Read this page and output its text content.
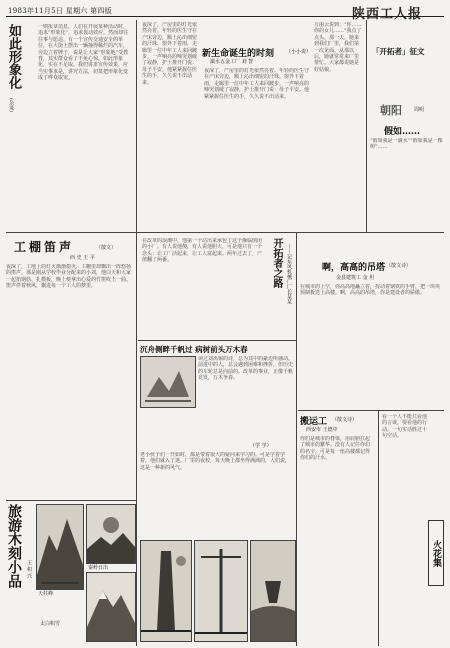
1983年11月5日 星期六 第四版	陕西工人报
如此形象化
(杂谈)
一则报章消息，人们在开展某种活动时，追求“形象化”，追求轰动效应，然而却往往事与愿违。有一个宣传交通安全的单位，在大街上摆出一辆撞得稀烂的汽车，旁边立着牌子，说是让大家“形象地”受教育，其实群众看了不免心惊。如此形象化，实在不足取。我们讲求宣传效果，应当实事求是，讲究方法，切莫把形象化变成了哗众取宠。
新生命诞生的时刻 （小小说）
灞水五金工厂 刘 智
夜深了，产房里的灯光依然亮着。年轻的医生守在产床旁边，额上沁出细密的汗珠。窗外下着雨，走廊里一位中年工人来回踱步。一声响亮的啼哭划破了寂静，护士推开门说：母子平安。他紧紧握住医生的手，久久说不出话来。
夜深了，产房里的灯光依然亮着。年轻的医生守在产床旁边，额上沁出细密的汗珠。窗外下着雨，走廊里一位中年工人来回踱步。一声响亮的啼哭划破了寂静，护士推开门说：母子平安。他紧紧握住医生的手，久久说不出话来。
万丽云说到：“你……你的女儿……”我点了点头。那一天，她来到我们厂里，我们第一次见面。从那以后，她就常常来厂里帮忙。大家都说她是好姑娘。
「开拓者」征文
朝阳 周明
假如……
“假如我是一滴水”“假如我是一棵树”……
工棚笛声	（散文）
西 史 王 平
夜深了，工地上的灯火渐渐熄灭，工棚里却飘出一阵悠扬的笛声。那是刚从学校毕业分配来的小刘，他白天和大家一起抬钢筋、扎模板，晚上便拿出心爱的竹笛吹上一曲。笛声伴着秋风，飘进每一个工人的梦里。
在改革的浪潮中，他第一个站出来承包了这个濒临倒闭的小厂。有人说他傻，有人说他胆大，可是他只有一个念头：让工厂活起来，让工人富起来。两年过去了，产值翻了两番。	开拓者之路 ——记东风机械厂厂长某某	啊，高高的吊塔 （散文诗）
金县建筑工 金 坦
在城市的上空，你高高地矗立着，挥动着钢铁的手臂，把一块块预制板送上高楼。啊，高高的吊塔，你是建设者的骄傲。
沉舟侧畔千帆过 病树前头万木春
读过刘禹锡的诗，总为其中的豪迈所感动。前进中的人，总会遇到困难和挫折，但历史的车轮总是向前的。改革的事业，正像千帆竞发，万木争春。
（学 学）
老小伙子们一开始时，都是带着很大的疑问来学习的。可是学着学着，他们就入了迷。厂里的夜校，每天晚上都坐得满满的，人们说，这是一种新的风气。
搬运工 （散文诗）
西安市 王德中
你们是城市的脊梁，用肩膀扛起了城市的繁华。没有人记住你们的名字，可是每一座高楼都记得你们的汗水。
看一个人不能只看他的言谈，要看他的行动。一句实话胜过十句空话。
火花集
旅游木刻小品 王 积 兴
天柱峰
秦岭日出
太白积雪
